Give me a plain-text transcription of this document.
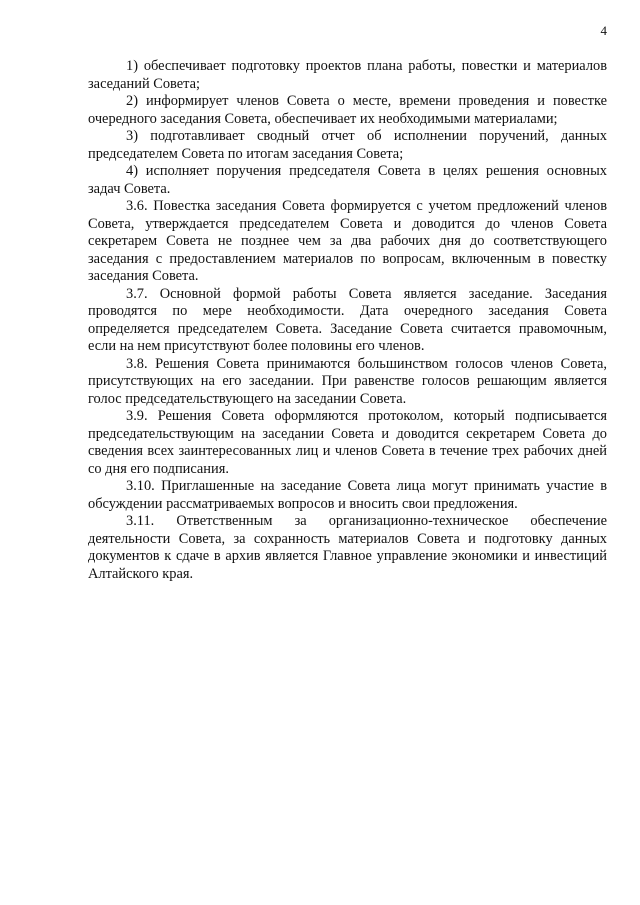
4

1) обеспечивает подготовку проектов плана работы, повестки и материалов заседаний Совета;

2) информирует членов Совета о месте, времени проведения и повестке очередного заседания Совета, обеспечивает их необходимыми материалами;

3) подготавливает сводный отчет об исполнении поручений, данных председателем Совета по итогам заседания Совета;

4) исполняет поручения председателя Совета в целях решения основных задач Совета.

3.6. Повестка заседания Совета формируется с учетом предложений членов Совета, утверждается председателем Совета и доводится до членов Совета секретарем Совета не позднее чем за два рабочих дня до соответствующего заседания с предоставлением материалов по вопросам, включенным в повестку заседания Совета.

3.7. Основной формой работы Совета является заседание. Заседания проводятся по мере необходимости. Дата очередного заседания Совета определяется председателем Совета. Заседание Совета считается правомочным, если на нем присутствуют более половины его членов.

3.8. Решения Совета принимаются большинством голосов членов Совета, присутствующих на его заседании. При равенстве голосов решающим является голос председательствующего на заседании Совета.

3.9. Решения Совета оформляются протоколом, который подписывается председательствующим на заседании Совета и доводится секретарем Совета до сведения всех заинтересованных лиц и членов Совета в течение трех рабочих дней со дня его подписания.

3.10. Приглашенные на заседание Совета лица могут принимать участие в обсуждении рассматриваемых вопросов и вносить свои предложения.

3.11. Ответственным за организационно-техническое обеспечение деятельности Совета, за сохранность материалов Совета и подготовку данных документов к сдаче в архив является Главное управление экономики и инвестиций Алтайского края.
